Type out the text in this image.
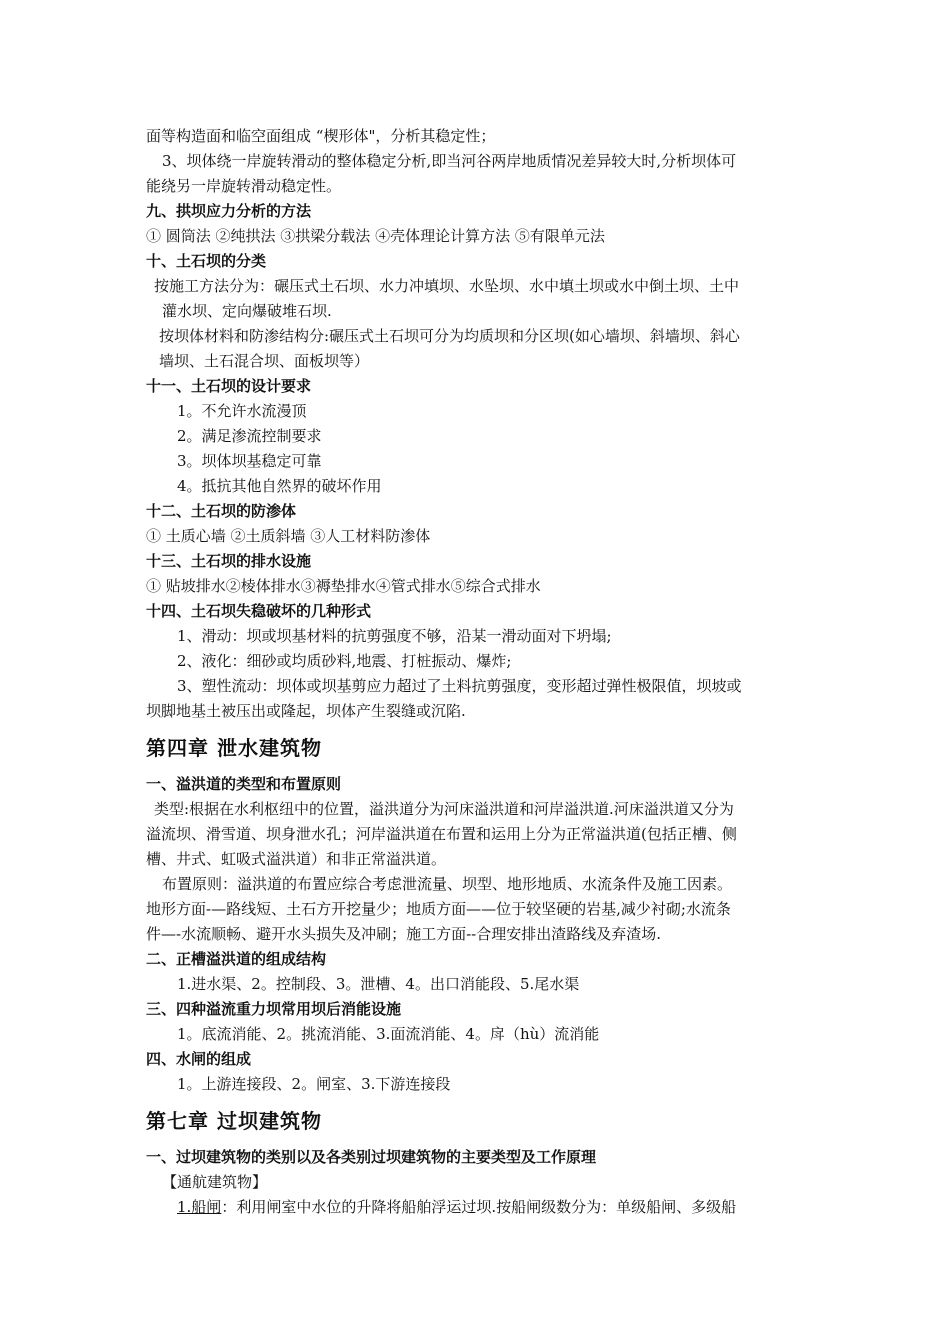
面等构造面和临空面组成 “楔形体"，分析其稳定性；

3、坝体绕一岸旋转滑动的整体稳定分析,即当河谷两岸地质情况差异较大时,分析坝体可

能绕另一岸旋转滑动稳定性。

九、拱坝应力分析的方法

① 圆筒法 ②纯拱法 ③拱梁分载法 ④壳体理论计算方法 ⑤有限单元法

十、土石坝的分类

按施工方法分为：碾压式土石坝、水力冲填坝、水坠坝、水中填土坝或水中倒土坝、土中

灌水坝、定向爆破堆石坝.

按坝体材料和防渗结构分:碾压式土石坝可分为均质坝和分区坝(如心墙坝、斜墙坝、斜心

墙坝、土石混合坝、面板坝等）

十一、土石坝的设计要求

1。不允许水流漫顶

2。满足渗流控制要求

3。坝体坝基稳定可靠

4。抵抗其他自然界的破坏作用

十二、土石坝的防渗体

① 土质心墙 ②土质斜墙 ③人工材料防渗体

十三、土石坝的排水设施

① 贴坡排水②棱体排水③褥垫排水④管式排水⑤综合式排水

十四、土石坝失稳破坏的几种形式

1、滑动：坝或坝基材料的抗剪强度不够，沿某一滑动面对下坍塌;

2、液化：细砂或均质砂料,地震、打桩振动、爆炸;

3、塑性流动：坝体或坝基剪应力超过了土料抗剪强度，变形超过弹性极限值，坝坡或

坝脚地基土被压出或隆起，坝体产生裂缝或沉陷.

第四章 泄水建筑物

一、溢洪道的类型和布置原则

类型:根据在水利枢纽中的位置，溢洪道分为河床溢洪道和河岸溢洪道.河床溢洪道又分为

溢流坝、滑雪道、坝身泄水孔；河岸溢洪道在布置和运用上分为正常溢洪道(包括正槽、侧

槽、井式、虹吸式溢洪道）和非正常溢洪道。

布置原则：溢洪道的布置应综合考虑泄流量、坝型、地形地质、水流条件及施工因素。

地形方面-—路线短、土石方开挖量少；地质方面——位于较坚硬的岩基,减少衬砌;水流条

件—-水流顺畅、避开水头损失及冲刷；施工方面--合理安排出渣路线及弃渣场.

二、正槽溢洪道的组成结构

1.进水渠、2。控制段、3。泄槽、4。出口消能段、5.尾水渠

三、四种溢流重力坝常用坝后消能设施

1。底流消能、2。挑流消能、3.面流消能、4。戽（hù）流消能

四、水闸的组成

1。上游连接段、2。闸室、3.下游连接段

第七章 过坝建筑物

一、过坝建筑物的类别以及各类别过坝建筑物的主要类型及工作原理

【通航建筑物】

1.船闸：利用闸室中水位的升降将船舶浮运过坝.按船闸级数分为：单级船闸、多级船
